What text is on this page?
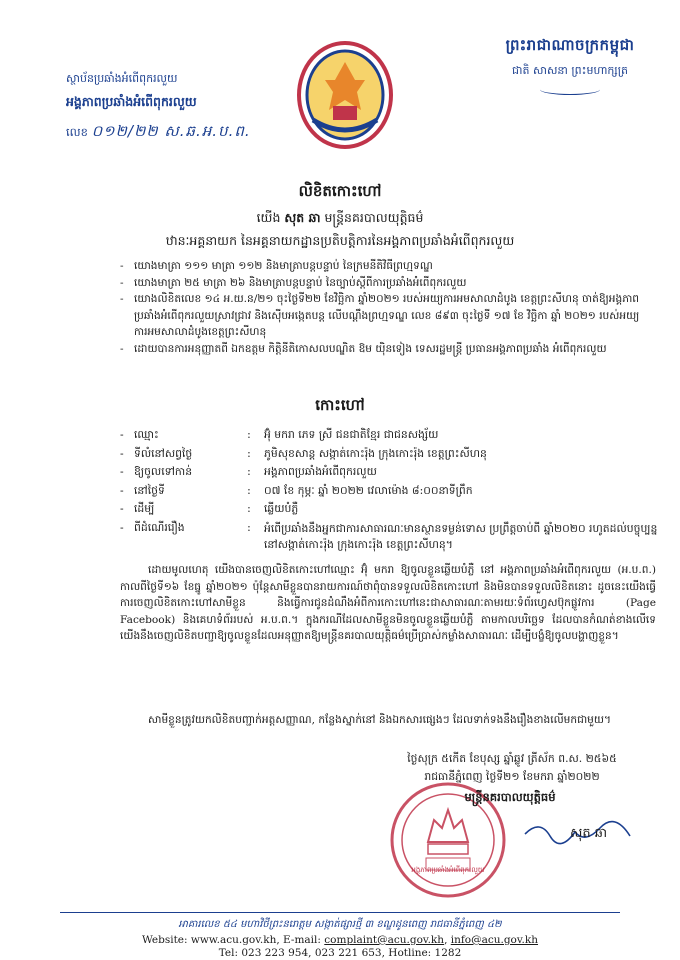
ព្រះរាជាណាចក្រកម្ពុជា
ជាតិ សាសនា ព្រះមហាក្សត្រ
ស្ថាប័នប្រឆាំងអំពើពុករលួយ
អង្គភាពប្រឆាំងអំពើពុករលួយ
លេខ ០១២/២២ ស.ឆ.អ.ប.ព.
លិខិតកោះហៅ
យើង សុត ឆា មន្ត្រីនគរបាលយុត្តិធម៌
ឋានៈអគ្គនាយក នៃអគ្គនាយកដ្ឋានប្រតិបត្តិការនៃអង្គភាពប្រឆាំងអំពើពុករលួយ
- យោងមាត្រា ១១១ មាត្រា ១១២ និងមាត្រាបន្តបន្ទាប់ នៃក្រមនីតិវិធីព្រហ្មទណ្ឌ
- យោងមាត្រា ២៥ មាត្រា ២៦ និងមាត្រាបន្តបន្ទាប់ នៃច្បាប់ស្តីពីការប្រឆាំងអំពើពុករលួយ
- យោងលិខិតលេខ ១៤ អ.យ.ន/២១ ចុះថ្ងៃទី២២ ខែវិច្ឆិកា ឆ្នាំ២០២១ របស់អយ្យការអមសាលាដំបូង ខេត្តព្រះសីហនុ ចាត់ឱ្យអង្គភាពប្រឆាំងអំពើពុករលួយស្រាវជ្រាវ និងស៊ើបអង្កេតបន្ត លើបណ្តឹងព្រហ្មទណ្ឌ លេខ ៨៩៣ ចុះថ្ងៃទី ១៧ ខែ វិច្ឆិកា ឆ្នាំ ២០២១ របស់អយ្យការអមសាលាដំបូងខេត្តព្រះសីហនុ
- ដោយបានការអនុញ្ញាតពី ឯកឧត្តម កិត្តិនីតិកោសលបណ្ឌិត ឱម យ៉ិនទៀង ទេសរដ្ឋមន្ត្រី ប្រធានអង្គភាពប្រឆាំង អំពើពុករលួយ
កោះហៅ
- ឈ្មោះ	:	អ៊ុំ មករា ភេទ ស្រី ជនជាតិខ្មែរ ជាជនសង្ស័យ
- ទីលំនៅសព្វថ្ងៃ	:	ភូមិសុខសាន្ត សង្កាត់កោះរ៉ុង ក្រុងកោះរ៉ុង ខេត្តព្រះសីហនុ
- ឱ្យចូលទៅកាន់	:	អង្គភាពប្រឆាំងអំពើពុករលួយ
- នៅថ្ងៃទី	:	០៧ ខែ កុម្ភៈ ឆ្នាំ ២០២២ វេលាម៉ោង ៨:០០នាទីព្រឹក
- ដើម្បី	:	ឆ្លើយបំភ្លឺ
- ពីដំណើររឿង	:	អំពើប្រឆាំងនឹងអ្នកជាការសាធារណៈមានស្ថានទម្ងន់ទោស ប្រព្រឹត្តចាប់ពី ឆ្នាំ២០២០ រហូតដល់បច្ចុប្បន្ន នៅសង្កាត់កោះរ៉ុង ក្រុងកោះរ៉ុង ខេត្តព្រះសីហនុ។
ដោយមូលហេតុ យើងបានចេញលិខិតកោះហៅឈ្មោះ អ៊ុំ មករា ឱ្យចូលខ្លួនឆ្លើយបំភ្លឺ នៅ អង្គភាពប្រឆាំងអំពើពុករលួយ (អ.ប.ព.) កាលពីថ្ងៃទី១៦ ខែធ្នូ ឆ្នាំ២០២១ ប៉ុន្តែសាមីខ្លួនបានរាយការណ៍ថាពុំបានទទួលលិខិតកោះហៅ និងមិនបានទទួលលិខិតនោះ ដូចនេះយើងធ្វើការចេញលិខិតកោះហៅសាមីខ្លួន និងធ្វើការជូនដំណឹងអំពីការកោះហៅនេះជាសាធារណៈតាមរយៈទំព័រហ្វេសប៊ុកផ្លូវការ (Page Facebook) និងគេហទំព័ររបស់ អ.ប.ព.។ ក្នុងករណីដែលសាមីខ្លួនមិនចូលខ្លួនឆ្លើយបំភ្លឺ តាមកាលបរិច្ឆេទ ដែលបានកំណត់ខាងលើទេ យើងនឹងចេញលិខិតបញ្ជាឱ្យចូលខ្លួនដែលអនុញ្ញាតឱ្យមន្ត្រីនគរបាលយុត្តិធម៌ប្រើប្រាស់កម្លាំងសាធារណៈ ដើម្បីបង្ខំឱ្យចូលបង្ហាញខ្លួន។
សាមីខ្លួនត្រូវយកលិខិតបញ្ជាក់អត្តសញ្ញាណ, កន្លែងស្នាក់នៅ និងឯកសារផ្សេងៗ ដែលទាក់ទងនឹងរឿងខាងលើមកជាមួយ។
ថ្ងៃសុក្រ ៥កើត ខែបុស្ស ឆ្នាំឆ្លូវ ត្រីស័ក ព.ស. ២៥៦៥
រាជធានីភ្នំពេញ ថ្ងៃទី២១ ខែមករា ឆ្នាំ២០២២
អង្គភាពប្រឆាំងអំពើពុករលួយ
មន្ត្រីនគរបាលយុត្តិធម៌
សុត ឆា
អាគារលេខ ៥៤ មហាវិថីព្រះនរោត្តម សង្កាត់ផ្សារថ្មី ៣ ខណ្ឌដូនពេញ រាជធានីភ្នំពេញ ៤២
Website: www.acu.gov.kh, E-mail: complaint@acu.gov.kh, info@acu.gov.kh
Tel: 023 223 954, 023 221 653, Hotline: 1282
